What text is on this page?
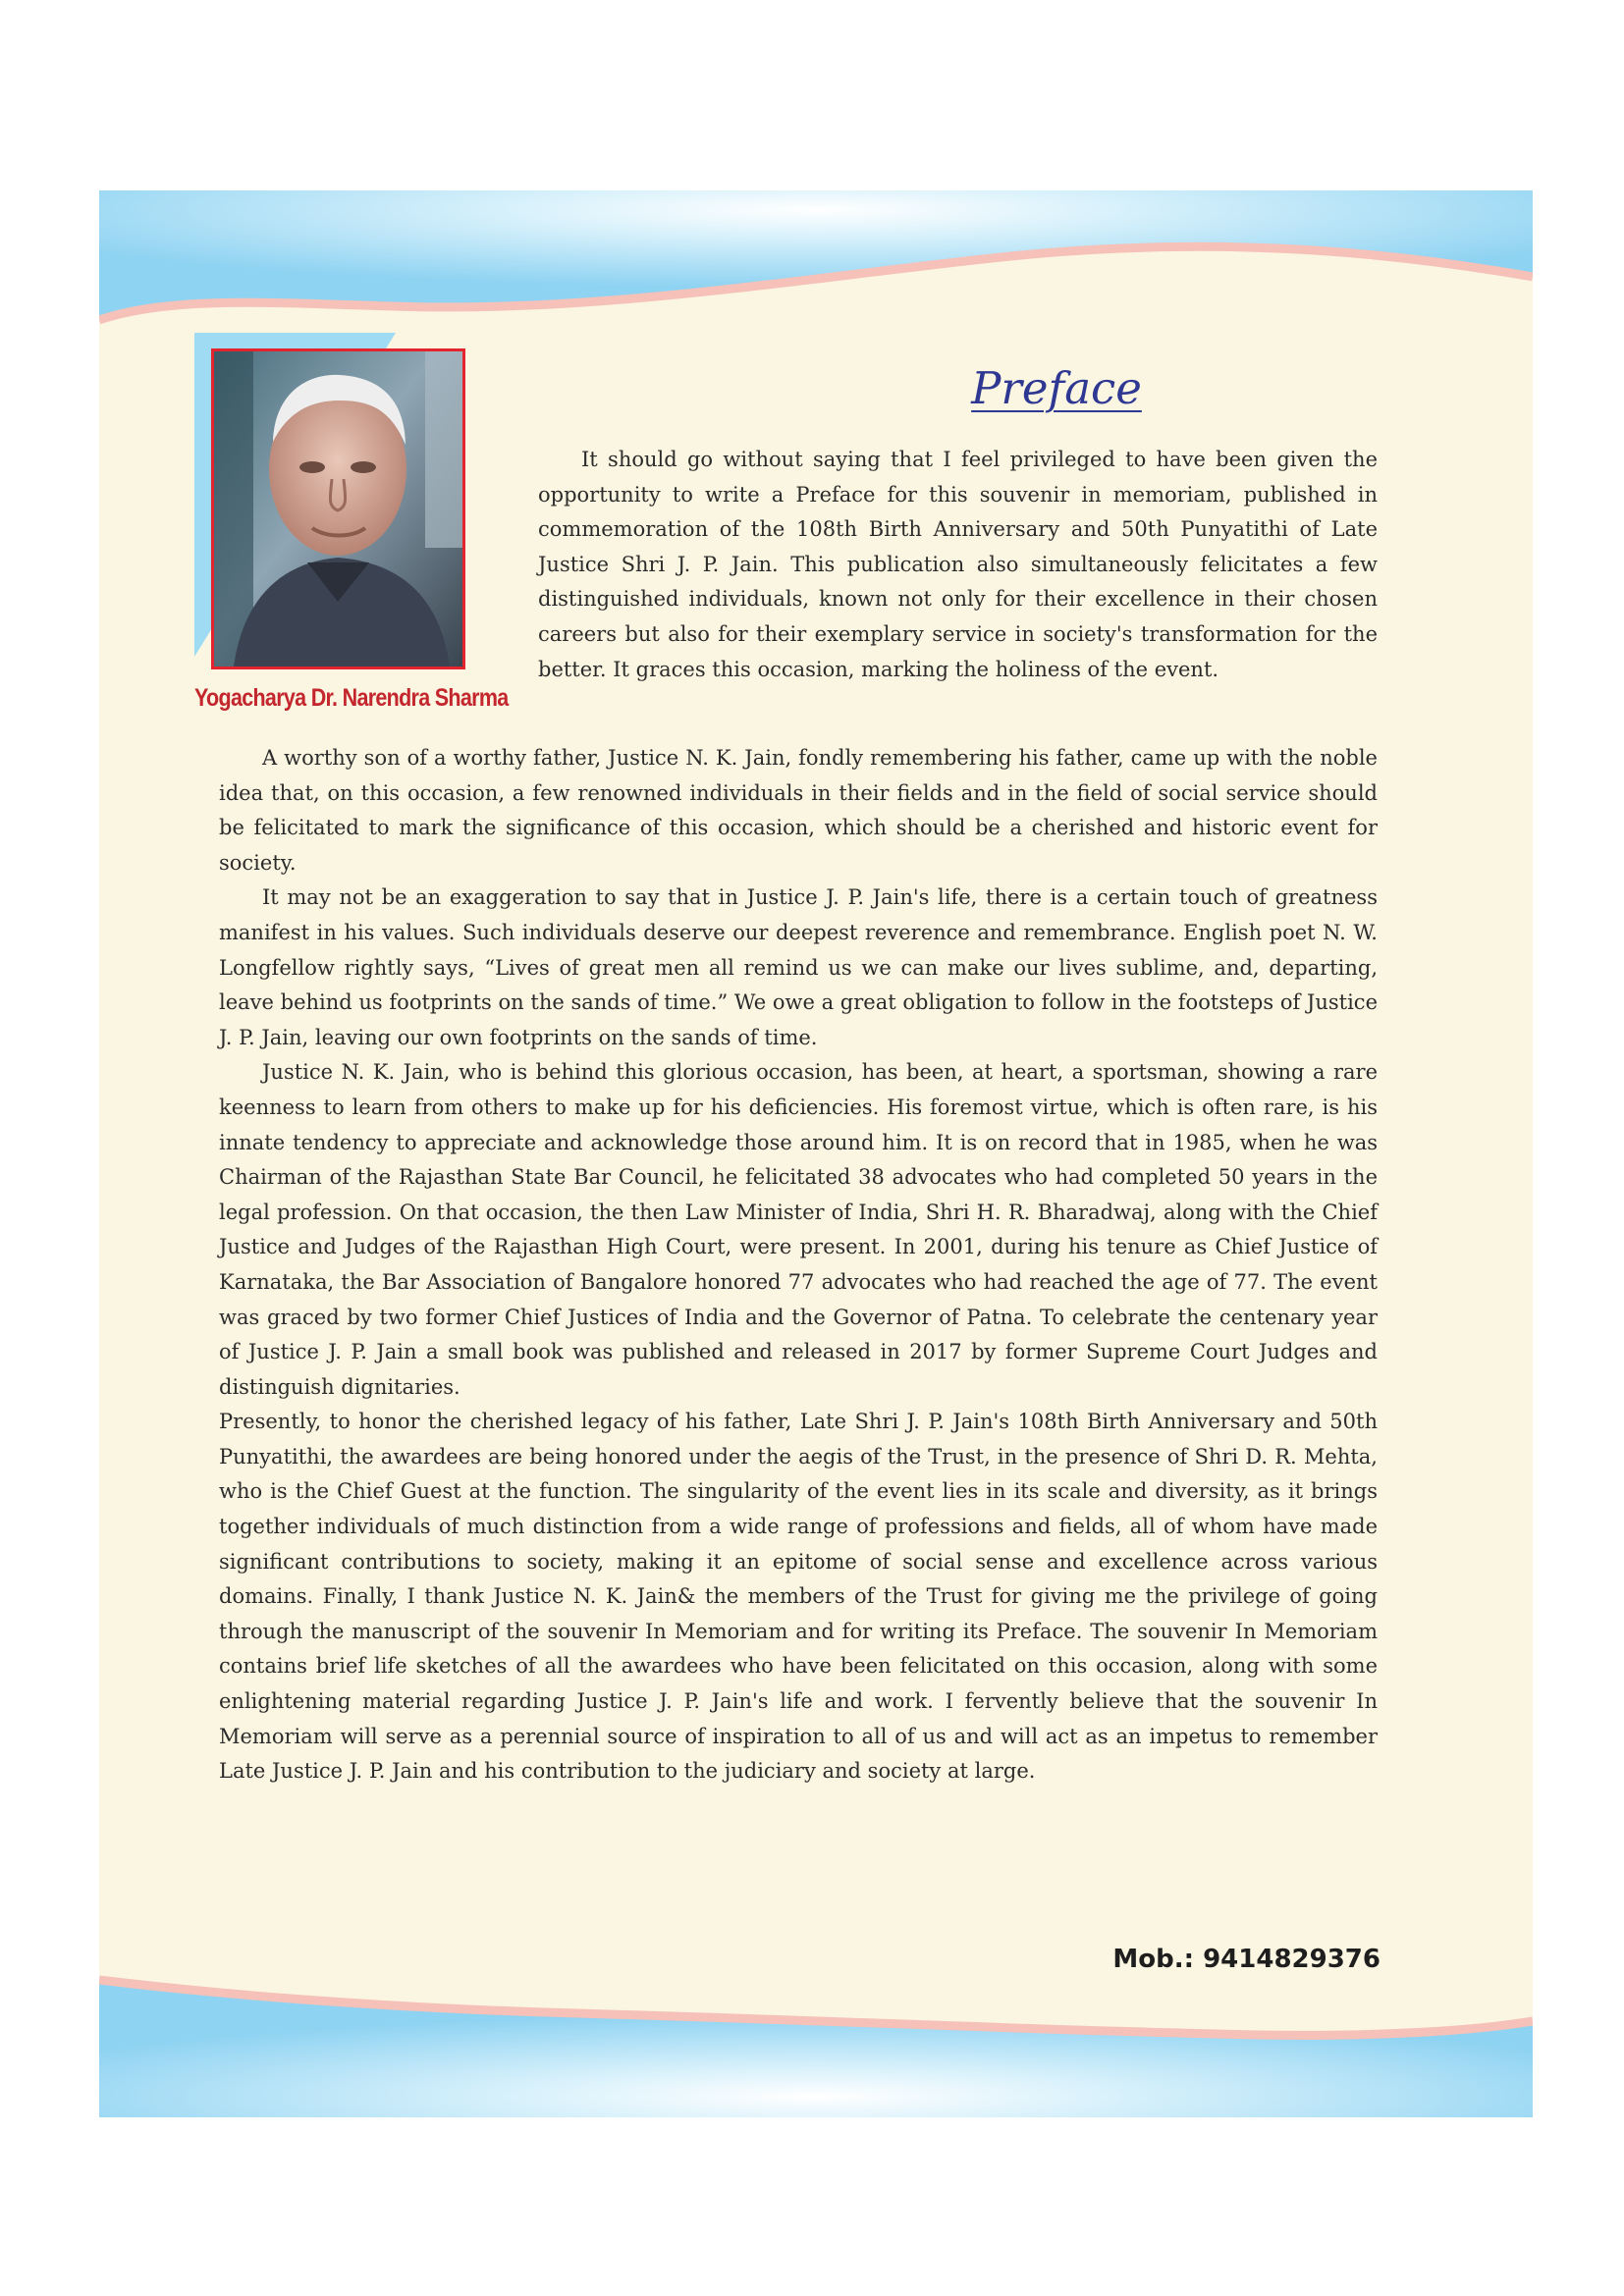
Yogacharya Dr. Narendra Sharma
Preface

It should go without saying that I feel privileged to have been given the opportunity to write a Preface for this souvenir in memoriam, published in commemoration of the 108th Birth Anniversary and 50th Punyatithi of Late Justice Shri J. P. Jain. This publication also simultaneously felicitates a few distinguished individuals, known not only for their excellence in their chosen careers but also for their exemplary service in society's transformation for the better. It graces this occasion, marking the holiness of the event.

A worthy son of a worthy father, Justice N. K. Jain, fondly remembering his father, came up with the noble idea that, on this occasion, a few renowned individuals in their fields and in the field of social service should be felicitated to mark the significance of this occasion, which should be a cherished and historic event for society.

It may not be an exaggeration to say that in Justice J. P. Jain's life, there is a certain touch of greatness manifest in his values. Such individuals deserve our deepest reverence and remembrance. English poet N. W. Longfellow rightly says, “Lives of great men all remind us we can make our lives sublime, and, departing, leave behind us footprints on the sands of time.” We owe a great obligation to follow in the footsteps of Justice J. P. Jain, leaving our own footprints on the sands of time.

Justice N. K. Jain, who is behind this glorious occasion, has been, at heart, a sportsman, showing a rare keenness to learn from others to make up for his deficiencies. His foremost virtue, which is often rare, is his innate tendency to appreciate and acknowledge those around him. It is on record that in 1985, when he was Chairman of the Rajasthan State Bar Council, he felicitated 38 advocates who had completed 50 years in the legal profession. On that occasion, the then Law Minister of India, Shri H. R. Bharadwaj, along with the Chief Justice and Judges of the Rajasthan High Court, were present. In 2001, during his tenure as Chief Justice of Karnataka, the Bar Association of Bangalore honored 77 advocates who had reached the age of 77. The event was graced by two former Chief Justices of India and the Governor of Patna. To celebrate the centenary year of Justice J. P. Jain a small book was published and released in 2017 by former Supreme Court Judges and distinguish dignitaries.

Presently, to honor the cherished legacy of his father, Late Shri J. P. Jain's 108th Birth Anniversary and 50th Punyatithi, the awardees are being honored under the aegis of the Trust, in the presence of Shri D. R. Mehta, who is the Chief Guest at the function. The singularity of the event lies in its scale and diversity, as it brings together individuals of much distinction from a wide range of professions and fields, all of whom have made significant contributions to society, making it an epitome of social sense and excellence across various domains. Finally, I thank Justice N. K. Jain& the members of the Trust for giving me the privilege of going through the manuscript of the souvenir In Memoriam and for writing its Preface. The souvenir In Memoriam contains brief life sketches of all the awardees who have been felicitated on this occasion, along with some enlightening material regarding Justice J. P. Jain's life and work. I fervently believe that the souvenir In Memoriam will serve as a perennial source of inspiration to all of us and will act as an impetus to remember Late Justice J. P. Jain and his contribution to the judiciary and society at large.

Mob.: 9414829376
